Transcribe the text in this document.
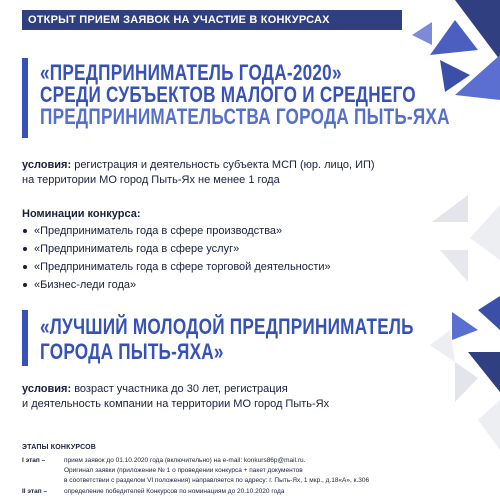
ОТКРЫТ ПРИЕМ ЗАЯВОК НА УЧАСТИЕ В КОНКУРСАХ
«ПРЕДПРИНИМАТЕЛЬ ГОДА-2020»
СРЕДИ СУБЪЕКТОВ МАЛОГО И СРЕДНЕГО
ПРЕДПРИНИМАТЕЛЬСТВА ГОРОДА ПЫТЬ-ЯХА
условия: регистрация и деятельность субъекта МСП (юр. лицо, ИП)
на территории МО город Пыть-Ях не менее 1 года
Номинации конкурса:
«Предприниматель года в сфере производства»
«Предприниматель года в сфере услуг»
«Предприниматель года в сфере торговой деятельности»
«Бизнес-леди года»
«ЛУЧШИЙ МОЛОДОЙ ПРЕДПРИНИМАТЕЛЬ
ГОРОДА ПЫТЬ-ЯХА»
условия: возраст участника до 30 лет, регистрация
и деятельность компании на территории МО город Пыть-Ях
ЭТАПЫ КОНКУРСОВ
I этап –	прием заявок до 01.10.2020 года (включительно) на e-mail: konkurs86p@mail.ru.
Оригинал заявки (приложение № 1 о проведении конкурса + пакет документов
в соответствии с разделом VI положения) направляется по адресу: г. Пыть-Ях, 1 мкр., д.18«А», к.306
II этап –	определение победителей Конкурсов по номинациям до 20.10.2020 года
